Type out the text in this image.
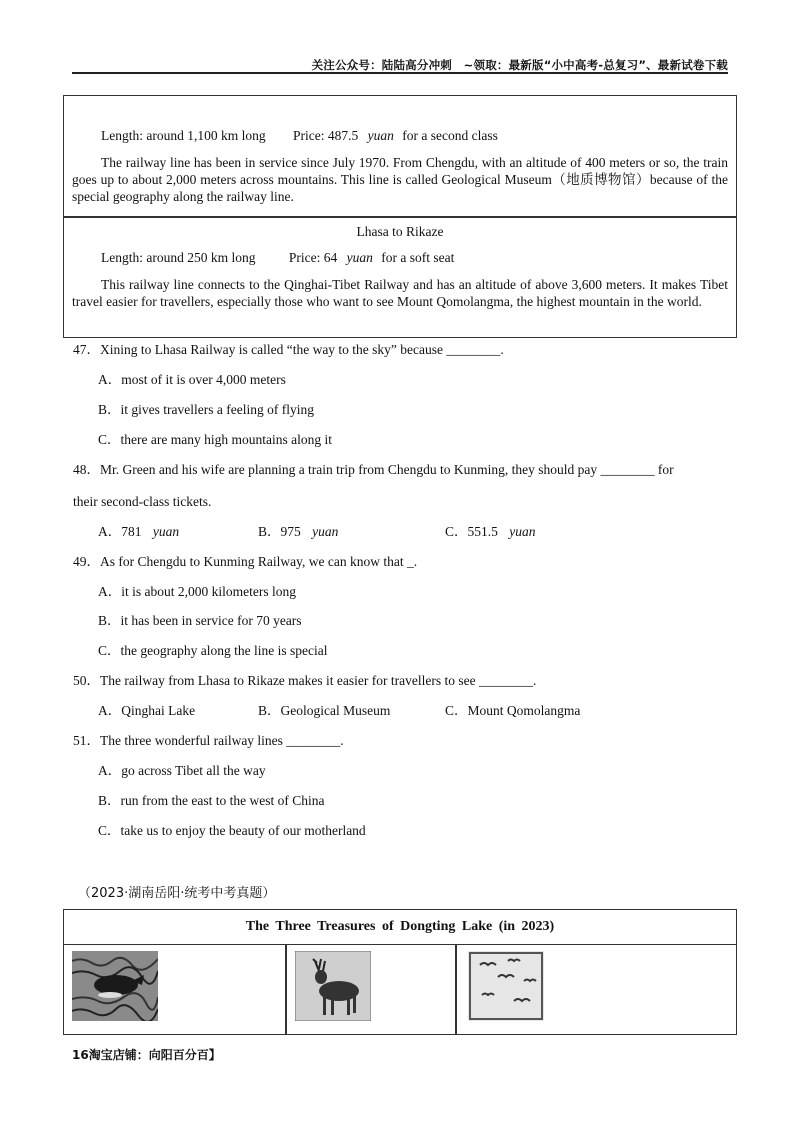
关注公众号：陆陆高分冲刺　~领取：最新版“小中高考-总复习”、最新试卷下载
Length: around 1,100 km long Price: 487.5 yuan for a second class
The railway line has been in service since July 1970. From Chengdu, with an altitude of 400 meters or so, the train goes up to about 2,000 meters across mountains. This line is called Geological Museum（地质博物馆）because of the special geography along the railway line.
Lhasa to Rikaze
Length: around 250 km long Price: 64 yuan for a soft seat
This railway line connects to the Qinghai-Tibet Railway and has an altitude of above 3,600 meters. It makes Tibet travel easier for travellers, especially those who want to see Mount Qomolangma, the highest mountain in the world.
47．Xining to Lhasa Railway is called “the way to the sky” because ________.
A．most of it is over 4,000 meters
B．it gives travellers a feeling of flying
C．there are many high mountains along it
48．Mr. Green and his wife are planning a train trip from Chengdu to Kunming, they should pay ________ for
their second-class tickets.
A．781 yuan	B．975 yuan	C．551.5 yuan
49．As for Chengdu to Kunming Railway, we can know that _.
A．it is about 2,000 kilometers long
B．it has been in service for 70 years
C．the geography along the line is special
50．The railway from Lhasa to Rikaze makes it easier for travellers to see ________.
A．Qinghai Lake	B．Geological Museum	C．Mount Qomolangma
51．The three wonderful railway lines ________.
A．go across Tibet all the way
B．run from the east to the west of China
C．take us to enjoy the beauty of our motherland
（2023·湖南岳阳·统考中考真题）
The Three Treasures of Dongting Lake (in 2023)
16淘宝店铺：向阳百分百】
